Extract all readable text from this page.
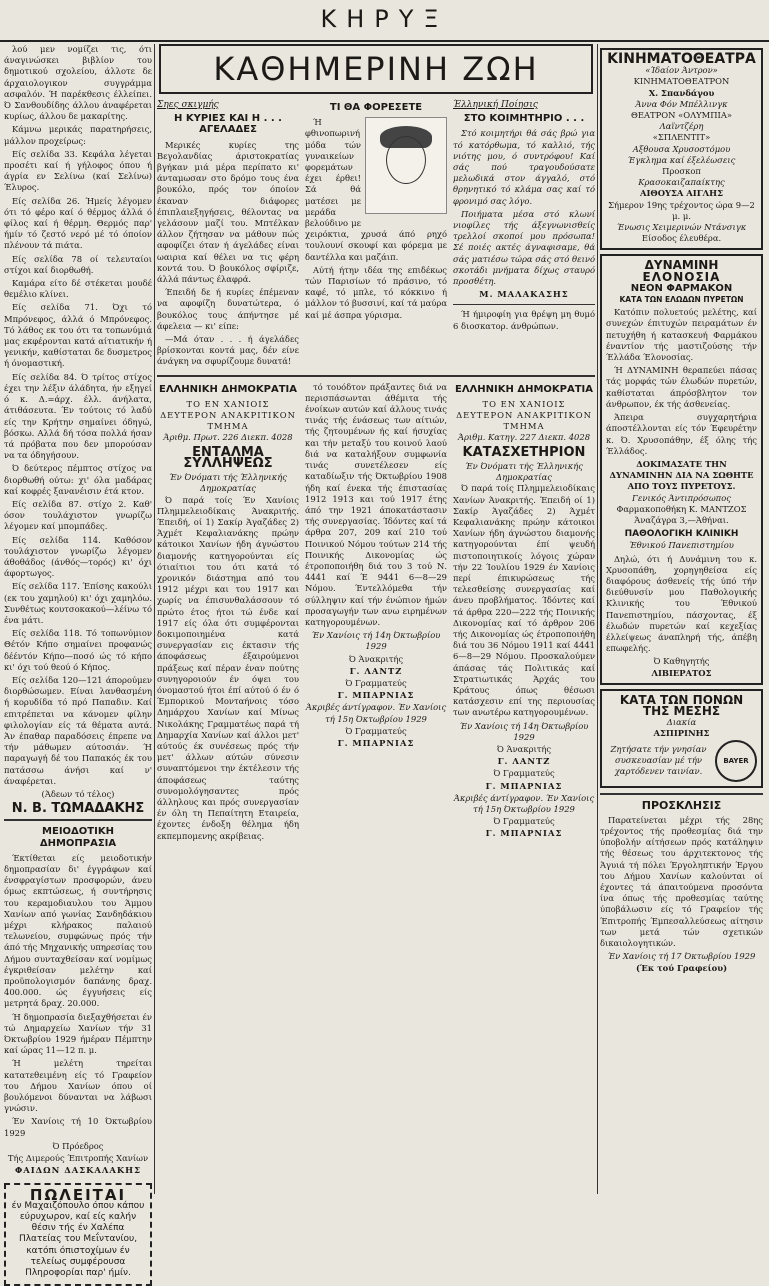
ΚΗΡΥΞ

λού μεν νομίζει τις, ότι άναγινώσκει βιβλίον του δημοτικού σχολείου, άλλοτε δε άρχαιολογικον συγγράμμα ασφαλόν. Ή παρέκθεσις έλλείπει. Ό Σανθουδίδης άλλου άναφέρεται κυρίως, άλλου δε μακαρίτης.

Κάμνω μερικάς παρατηρήσεις, μάλλον προχείρως:

Είς σελίδα 33. Κεφάλα λέγεται προσέτι καί ή γήλοφος όπου ή άγρία εν Σελίνω (καί Σελίνω) Έλυρος.

Είς σελίδα 26. Ήμείς λέγομεν ότι τό φέρο καί ό θέρμος άλλά ό φίλος καί ή θέρμη. Θερμός παρ' ήμίν τό ζεστό νερό μέ τό όποίον πλένουν τά πιάτα.

Είς σελίδα 78 οί τελευταίοι στίχοι καί διορθωθή.

Καμάρα είτο δέ στέκεται μουδέ θεμέλιο κλίνει.

Είς σελίδα 71. Όχι τό Μπρόνεφος, άλλά ό Μπρόνεφος. Τό λάθος εκ του ότι τα τοπωνύμιά μας εκφέρονται κατά αίτιατικήν ή γενικήν, καθίσταται δε δυσμετρος ή όνομαστική.

Είς σελίδα 84. Ό τρίτος στίχος έχει την λέξιν άλάδητα, ήν εξηγεί ό κ. Δ.=άρχ. έλλ. άνήλατα, άτιθάσευτα. Έν τούτοις τό λαδύ είς την Κρήτην σημαίνει όδηγώ, βόσκω. Αλλά δή τόσα πολλά ήσαν τά πρόβατα που δεν μπορούσαν να τα όδηγήσουν.

Ό δεύτερος πέμπτος στίχος να διορθωθή ούτω: χι' όλα μαδάρας καί κοφρές ξανανέισιν έτά κτον.

Είς σελίδα 87. στίχο 2. Καθ' όσον τουλάχιστον γνωρίζω λέγομεν καί μπομπάδες.

Είς σελίδα 114. Καθόσον τουλάχιστον γνωρίζω λέγομεν άθοθάδος (άνθός—τορός) κι' όχι άφορτωγος.

Είς σελίδα 117. Έπίσης κακούλι (εκ του χαμηλού) κι' όχι χαμηλόω. Συνθέτως κουτσοκακού—λέίνω τό ένα μάτι.

Είς σελίδα 118. Τό τοπωνύμιον Θέτόν Κήπο σημαίνει προφανώς δέέντόν Κήπο—ποσό ώς τό κήπο κι' όχι τού θεού ό Κήπος.

Είς σελίδα 120—121 άπορούμεν διορθώσωμεν. Είναι λανθασμένη ή κορυδίδα τό πρό Παπαδιν. Καί επιτρέπεται να κάνομεν φίλην φιλολογίαν είς τά θέματα αυτά. Άν έπαθαρ παραδόσεις έπρεπε να τήν μάθωμεν αύτοσιάν. Ή παραγωγή δέ του Παπακός έκ του πατάσσω άνήσι καί ν' άναφέρεται.

(Άδεων τό τέλος)
Ν. Β. ΤΩΜΑΔΑΚΗΣ
ΜΕΙΟΔΟΤΙΚΗ ΔΗΜΟΠΡΑΣΙΑ

Έκτίθεται είς μειοδοτικήν δημοπρασίαν δι' έγγράφων καί ένσφραγίστων προσφορών, άνευ όμως εκπτώσεως, ή συντήρησις του κεραμοδιαυλου του Άμμου Χανίων από γωνίας Σανδηδάκιου μέχρι κλήρακος παλαιού τελωνείου, συμφώνως πρός τήν άπό τής Μηχανικής υπηρεσίας του Δήμου συνταχθείσαν καί νομίμως έγκριθείσαν μελέτην καί προϋπολογισμόν δαπάνης δραχ. 400.000. ώς έγγυήσεις είς μετρητά δραχ. 20.000.

Ή δημοπρασία διεξαχθήσεται έν τώ Δημαρχείω Χανίων τήν 31 Όκτωβρίου 1929 ήμέραν Πέμπτην καί ώρας 11—12 π. μ.

Ή μελέτη τηρείται κατατεθειμένη είς τό Γραφείον του Δήμου Χανίων όπου οί βουλόμενοι δύνανται να λάβωσι γνώσιν.

Έν Χανίοις τή 10 Όκτωβρίου 1929

Ό Πρόεδρος
Τής Διμερούς Έπιτροπής Χανίων
ΦΑΙΔΩΝ ΔΑΣΚΑΛΑΚΗΣ
ΠΩΛΕΙΤΑΙ
έν Μαχαιζόπουλο όπου κάπου εύρυχωρον, καί είς καλήν θέσιν τής έν Χαλέπα Πλατείας του Μεΐντανίου, κατόπι όπιστοχίμων έν τελείως συμφέρουσα Πληροφορίαι παρ' ήμίν.
ΚΑΘΗΜΕΡΙΝΗ ΖΩΗ
Σηες σκιγμής
Η ΚΥΡΙΕΣ ΚΑΙ Η . . . ΑΓΕΛΑΔΕΣ

Μερικές κυρίες της Βεγολανδίας άριστοκρατίας βγήκαν μιά μέρα περίπατο κι' άνταμωσαν στο δρόμο τους ένα βουκόλο, πρός τον όποίον έκαναν διάφορες έπιπλαιεξηγήσεις, θέλοντας να γελάσουν μαζί του. Μπτέλκαν άλλον ζήτησαν να μάθουν πώς αφοφίζει όταν ή άγελάδες είναι ωαιρια καί θέλει να τις φέρη κοντά του. Ό βουκόλος σφίριζε, άλλά πάντως έλαφρά.

Έπειδή δε ή κυρίες έπέμεναν να αφοφίζη δυνατώτερα, ό βουκόλος τους άπήντησε μέ άφελεια — κι' είπε:

—Μά όταν . . . ή άγελάδες βρίσκονται κοντά μας, δέν είνε άνάγκη να σφυρίζουμε δυνατά!

ΤΙ ΘΑ ΦΟΡΕΣΕΤΕ

Ή φθινοπωρινή μόδα τών γυναικείων φορεμάτων έχει έρθει! Σά θά ματέσει με μεράδα βελούδινο με χειρόκτια, χρυσά άπό ρηχό τουλουνί σκουφί και φόρεμα με δαντέλλα και μαζάιπ.

Αύτή ήτην ιδέα της επιδέκως τών Παρισίων τό πράσινο, τό καφέ, τό μπλε, τό κόκκινο ή μάλλον τό βυσσινί, καί τά μαύρα καί μέ άσπρα γύρισμα.

Έλληνική Ποίησις
ΣΤΟ ΚΟΙΜΗΤΗΡΙΟ . . .

Στό κοιμητήρι θά σάς βρώ για τό κατόρθωμα, τό καλλιό, τής νιότης μου, ό συντρόφου! Καί σάς πού τραγουδούσατε μελωδικά στον άγγαλό, στό θρηνητικό τό κλάμα σας καί τό φρονιμό σας λόγο.

Ποιήματα μέσα στό κλωνί νιοφίλες τής άξεγνωνισθείς τρελλοί σκοποί μου πρόσωπα! Σέ ποιές ακτές άγναφισαμε, θά σάς ματιέσω τώρα σάς στό θεινό σκοτάδι μνήματα δίχως σταυρό προσθέτη.

Μ. ΜΑΛΑΚΑΣΗΣ

Ή ήμιροφίη για θρέψη μη θυμό 6 διοσκατορ. άνθρώπων.

ΕΛΛΗΝΙΚΗ ΔΗΜΟΚΡΑΤΙΑ
ΤΟ ΕΝ ΧΑΝΙΟΙΣ ΔΕΥΤΕΡΟΝ ΑΝΑΚΡΙΤΙΚΟΝ ΤΜΗΜΑ
Άριθμ. Πρωτ. 226 Διεκπ. 4028
ΕΝΤΑΛΜΑ ΣΥΛΛΗΨΕΩΣ
Έν Όνόματι τής Έλληνικής Δημοκρατίας

Ό παρά τοίς Έν Χανίοις Πλημμελειοδίκαις Άνακριτής. Έπειδή, οί 1) Σακίρ Άγαζάδες 2) Άχμέτ Κεφαλιανάκης πρώην κάτοικοι Χανίων ήδη άγνώστου διαμονής κατηγορούνται είς ότιαίτιοι του ότι κατά τό χρονικόν διάστημα από του 1912 μέχρι και του 1917 και χωρίς να έπισυνθαλάσσουν τό πρώτο έτος ήτοι τώ ένδε καί 1917 είς όλα ότι συμφέρονται δοκιμοποιημένα κατά συνεργασίαν εις έκτασιν τής άποφάσεως έξαιρούμενοι πράξεως καί πέραν έναν πούτης συνηγοροιούν έν όψει του όνομαστού ήτοι έπί αύτού ό έν ό Έμπορικού Μονταήνοις τόσο Δημάρχου Χανίων καί Μίνως Νικολάκης Γραμματέως παρά τή Δημαρχία Χανίων καί άλλοι μετ' αύτούς έκ συνέσεως πρός τήν μετ' άλλων αύτών σύνεσιν συναπτόμενοι την έκτέλεσιν τής άποφάσεως ταύτης συνομολόγησαντες πρός άλληλους και πρός συνεργασίαν έν όλη τη Πεπαίτητη Εταιρεία, έχοντες ένδοξη θέλημα ήδη εκπεμπομενης ακρίβειας.

τό τουόδτον πράξαντες διά να περισπάσωνται άθέμιτα τής ένοίκων αυτών καί άλλους τινάς τινάς τής ένάσεως των αίτιών, τής ζητουμένων ής καί ήσυχίας και τήν μεταξύ του κοινού λαού διά να καταλήξουν συμφωνία τινάς συνετέλεσεν είς καταδίωξιν τής Όκτωβρίου 1908 ήδη καί ένεκα τής έπιστασίας 1912 1913 και τού 1917 έτης άπό την 1921 άποκατάστασιν τής συνεργασίας. Ίδόντες καί τά άρθρα 207, 209 καί 210 τού Ποινικού Νόμου τούτων 214 τής Ποινικής Δικονομίας ώς έτροποποιήθη διά του 3 τού Ν. 4441 καί Έ 9441 6—8—29 Νόμου. Έντελλόμεθα τήν σύλληψιν καί τήν ένώπιον ήμών προσαγωγήν των ανω ειρημένων κατηγορουμένων.

Έν Χανίοις τή 14η Όκτωβρίου 1929
Ό Άνακριτής
Γ. ΛΑΝΤΖ
Ό Γραμματεύς
Γ. ΜΠΑΡΝΙΑΣ
Άκριβές άντίγραφον. Έν Χανίοις τή 15η Όκτωβρίου 1929
Ό Γραμματεύς
Γ. ΜΠΑΡΝΙΑΣ
ΕΛΛΗΝΙΚΗ ΔΗΜΟΚΡΑΤΙΑ
ΤΟ ΕΝ ΧΑΝΙΟΙΣ ΔΕΥΤΕΡΟΝ ΑΝΑΚΡΙΤΙΚΟΝ ΤΜΗΜΑ
Άριθμ. Κατηγ. 227 Διεκπ. 4028
ΚΑΤΑΣΧΕΤΗΡΙΟΝ
Έν Όνόματι τής Έλληνικής Δημοκρατίας

Ό παρά τοίς Πλημμελειοδίκαις Χανίων Άνακριτής. Έπειδή οί 1) Σακίρ Άγαζάδες 2) Άχμέτ Κεφαλιανάκης πρώην κάτοικοι Χανίων ήδη άγνώστου διαμονής κατηγορούνται έπί ψευδή πιστοποιητικοίς λόγοις χώραν τήν 22 Ίουλίου 1929 έν Χανίοις περί έπικυρώσεως τής τελεσθείσης συνεργασίας καί άνευ προβλήματος. Ίδόντες καί τά άρθρα 220—222 τής Ποινικής Δικονομίας καί τό άρθρον 206 τής Δικονομίας ώς έτροποποιήθη διά του 36 Νόμου 1911 καί 4441 6—8—29 Νόμου. Προσκαλούμεν άπάσας τάς Πολιτικάς καί Στρατιωτικάς Άρχάς του Κράτους όπως θέσωσι κατάσχεσιν επί της περιουσίας των ανωτέρω κατηγορουμένων.

Έν Χανίοις τή 14η Όκτωβρίου 1929
Ό Άνακριτής
Γ. ΛΑΝΤΖ
Ό Γραμματεύς
Γ. ΜΠΑΡΝΙΑΣ
Άκριβές άντίγραφον. Έν Χανίοις τή 15η Όκτωβρίου 1929
Ό Γραμματεύς
Γ. ΜΠΑΡΝΙΑΣ
ΚΙΝΗΜΑΤΟΘΕΑΤΡΑ
«Ίδαίον Άντρον»
ΚΙΝΗΜΑΤΟΘΕΑΤΡΟΝ
Χ. Σπανδάγου
Άννα Φόν Μπέλλινγκ
ΘΕΑΤΡΟΝ «ΟΛΥΜΠΙΑ»
Λαϊντζέρη
«ΣΠΛΕΝΤΙΤ»
Αξθουσα Χρυσοστόμου
Έγκλημα καί έξελέωσεις
Προσκοπ
Κρασοκαιζαπαίκτης
ΑΙΘΟΥΣΑ ΑΙΓΛΗΣ
Σήμερον 19ης τρέχοντος ώρα 9—2 μ. μ.
Ένωσις Χειμερινών Ντάνσιγκ
Είσοδος έλευθέρα.
ΔΥΝΑΜΙΝΗ
ΕΛΟΝΟΣΙΑ
ΝΕΟΝ ΦΑΡΜΑΚΟΝ
ΚΑΤΑ ΤΩΝ ΕΛΩΔΩΝ ΠΥΡΕΤΩΝ

Κατόπιν πολυετούς μελέτης, καί συνεχών έπιτυχών πειραμάτων έν πετυχήθη ή κατασκευή Φαρμάκου έναντίον τής μαστιζούσης τήν Έλλάδα Έλονοσίας.

Ή ΔΥΝΑΜΙΝΗ θεραπεύει πάσας τάς μορφάς τών έλωδών πυρετών, καθίσταται άπρόσβλητον τον άνθρωπον, έκ τής άσθενείας.

Άπειρα συγχαρητήρια άποστέλλονται είς τόν Έφευρέτην κ. Ό. Χρυσοπάθην, έξ όλης τής Έλλάδος.

ΔΟΚΙΜΑΣΑΤΕ ΤΗΝ ΔΥΝΑΜΙΝΗΝ ΔΙΑ ΝΑ ΣΩΘΗΤΕ ΑΠΟ ΤΟΥΣ ΠΥΡΕΤΟΥΣ.
Γενικός Άντιπρόσωπος
Φαρμακοποθήκη Κ. ΜΑΝΤΖΟΣ
Άναζάγρα 3,—Άθήναι.
ΠΑΘΟΛΟΓΙΚΗ ΚΛΙΝΙΚΗ
Έθνικού Πανεπιστημίου

Δηλώ, ότι ή Δυνάμινη του κ. Χρυσοπάθη, χορηγηθείσα είς διαφόρους άσθενείς τής ύπό τήν διεύθυνσίν μου Παθολογικής Κλινικής του Έθνικού Πανεπιστημίου, πάσχοντας, έξ έλωδών πυρετών καί κεχεξίας έλλείψεως άναπληρή τής, άπέβη επωφελής.

Ό Καθηγητής
ΛΙΒΙΕΡΑΤΟΣ
ΚΑΤΑ ΤΩΝ ΠΟΝΩΝ ΤΗΣ ΜΕΣΗΣ
Διακία
ΑΣΠΙΡΙΝΗΣ
Ζητήσατε τήν γνησίαν συσκευασίαν μέ τήν χαρτόδενεν ταινίαν.
BAYER
ΠΡΟΣΚΛΗΣΙΣ

Παρατείνεται μέχρι τής 28ης τρέχοντος τής προθεσμίας διά την ύποβολήν αίτήσεων πρός κατάληψιν τής θέσεως του άρχιτεκτονος τής Άγυιά τή πόλει Έργοληπτικήν Έργου του Δήμου Χανίων καλούνται οί έχοντες τά άπαιτούμενα προσόντα ίνα όπως τής προθεσμίας ταύτης ύποβάλωσιν είς τό Γραφείον τής Έπιτροπής Έμπεσαλλεύσεως αίτησιν των μετά τών σχετικών δικαιολογητικών.

Έν Χανίοις τή 17 Όκτωβρίου 1929
(Έκ τού Γραφείου)
